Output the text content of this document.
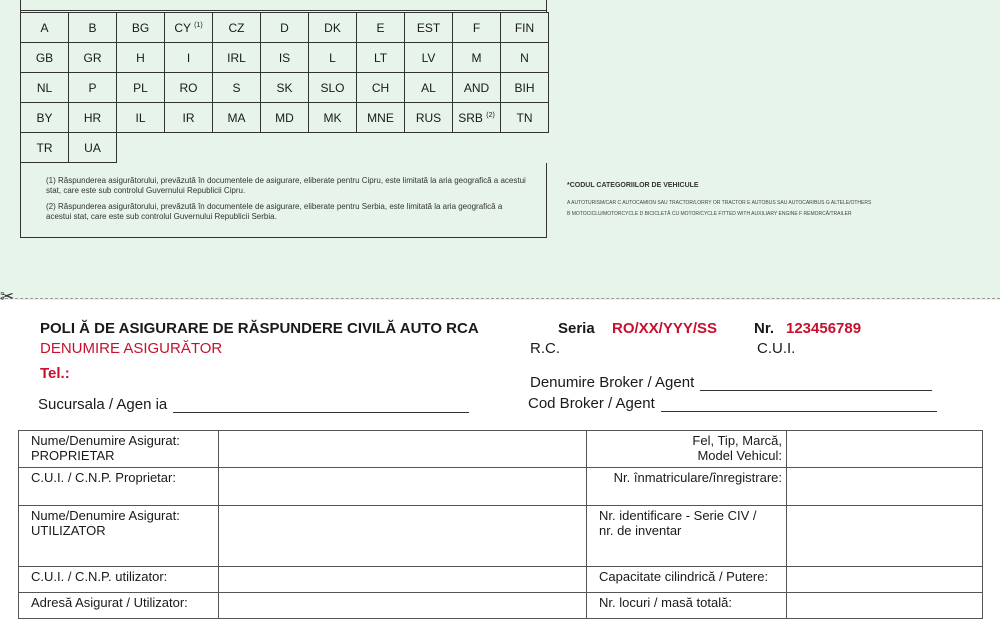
A	B	BG	CY $^{(1)}$	CZ	D	DK	E	EST	F	FIN
GB	GR	H	I	IRL	IS	L	LT	LV	M	N
NL	P	PL	RO	S	SK	SLO	CH	AL	AND	BIH
BY	HR	IL	IR	MA	MD	MK	MNE	RUS	SRB $^{(2)}$	TN
TR	UA									

(1) Răspunderea asigurătorului, prevăzută în documentele de asigurare, eliberate pentru Cipru, este limitată la aria geografică a acestui stat, care este sub controlul Guvernului Republicii Cipru.

(2) Răspunderea asigurătorului, prevăzută în documentele de asigurare, eliberate pentru Serbia, este limitată la aria geografică a acestui stat, care este sub controlul Guvernului Republicii Serbia.

*CODUL CATEGORIILOR DE VEHICULE
A AUTOTURISM/CAR C AUTOCAMION SAU TRACTOR/LORRY OR TRACTOR E AUTOBUS SAU AUTOCAR/BUS G ALTELE/OTHERS
B MOTOCICLU/MOTORCYCLE D BICICLETĂ CU MOTOR/CYCLE FITTED WITH AUXILIARY ENGINE F REMORCĂ/TRAILER
✂
POLI Ă DE ASIGURARE DE RĂSPUNDERE CIVILĂ AUTO RCA	Seria RO/XX/YYY/SS Nr. 123456789
DENUMIRE ASIGURĂTOR	R.C.	C.U.I.
Tel.:
Denumire Broker / Agent
Cod Broker / Agent
Sucursala / Agen ia
Nume/Denumire Asigurat:
PROPRIETAR		Fel, Tip, Marcă,
Model Vehicul:	
C.U.I. / C.N.P. Proprietar:		Nr. înmatriculare/înregistrare:	
Nume/Denumire Asigurat:
UTILIZATOR		Nr. identificare - Serie CIV /
nr. de inventar	
C.U.I. / C.N.P. utilizator:		Capacitate cilindrică / Putere:	
Adresă Asigurat / Utilizator:		Nr. locuri / masă totală:	
